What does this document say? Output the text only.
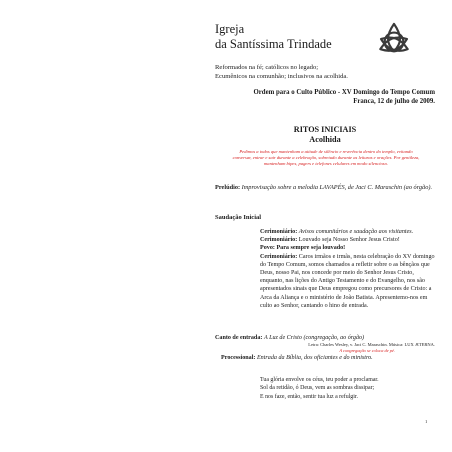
Igreja
da Santíssima Trindade
Reformados na fé; católicos no legado;
Ecumênicos na comunhão; inclusivos na acolhida.
Ordem para o Culto Público - XV Domingo do Tempo Comum
Franca, 12 de julho de 2009.
RITOS INICIAIS
Acolhida
Pedimos a todos que mantenham a atitude de silêncio e reverência dentro do templo, evitando
conversar, entrar e sair durante a celebração, sobretudo durante as leituras e orações. Por gentileza,
mantenham bipes, pagers e telefones celulares em modo silencioso.
Prelúdio: Improvisação sobre a melodia LAVAPÉS, de Jaci C. Maraschin (ao órgão).
Saudação Inicial
Cerimoniário: Avisos comunitários e saudação aos visitantes.
Cerimoniário: Louvado seja Nosso Senhor Jesus Cristo!
Povo: Para sempre seja louvado!
Cerimoniário: Caros irmãos e irmãs, nesta celebração do XV domingo
do Tempo Comum, somos chamados a refletir sobre o as bênçãos que
Deus, nosso Pai, nos concede por meio do Senhor Jesus Cristo,
enquanto, nas lições do Antigo Testamento e do Evangelho, nos são
apresentados sinais que Deus empregou como precursores de Cristo: a
Arca da Aliança e o ministério de João Batista. Apresentemo-nos em
culto ao Senhor, cantando o hino de entrada.
Canto de entrada: A Luz de Cristo (congregação, ao órgão)
Letra: Charles Wesley, v. Jaci C. Maraschin. Música: LUX ÆTERNA.
A congregação se coloca de pé.
Processional: Entrada da Bíblia, dos oficiantes e do ministro.
Tua glória envolve os céus, teu poder a proclamar.
Sol da retidão, ó Deus, vem as sombras dissipar;
E nos faze, então, sentir tua luz a refulgir.
1
